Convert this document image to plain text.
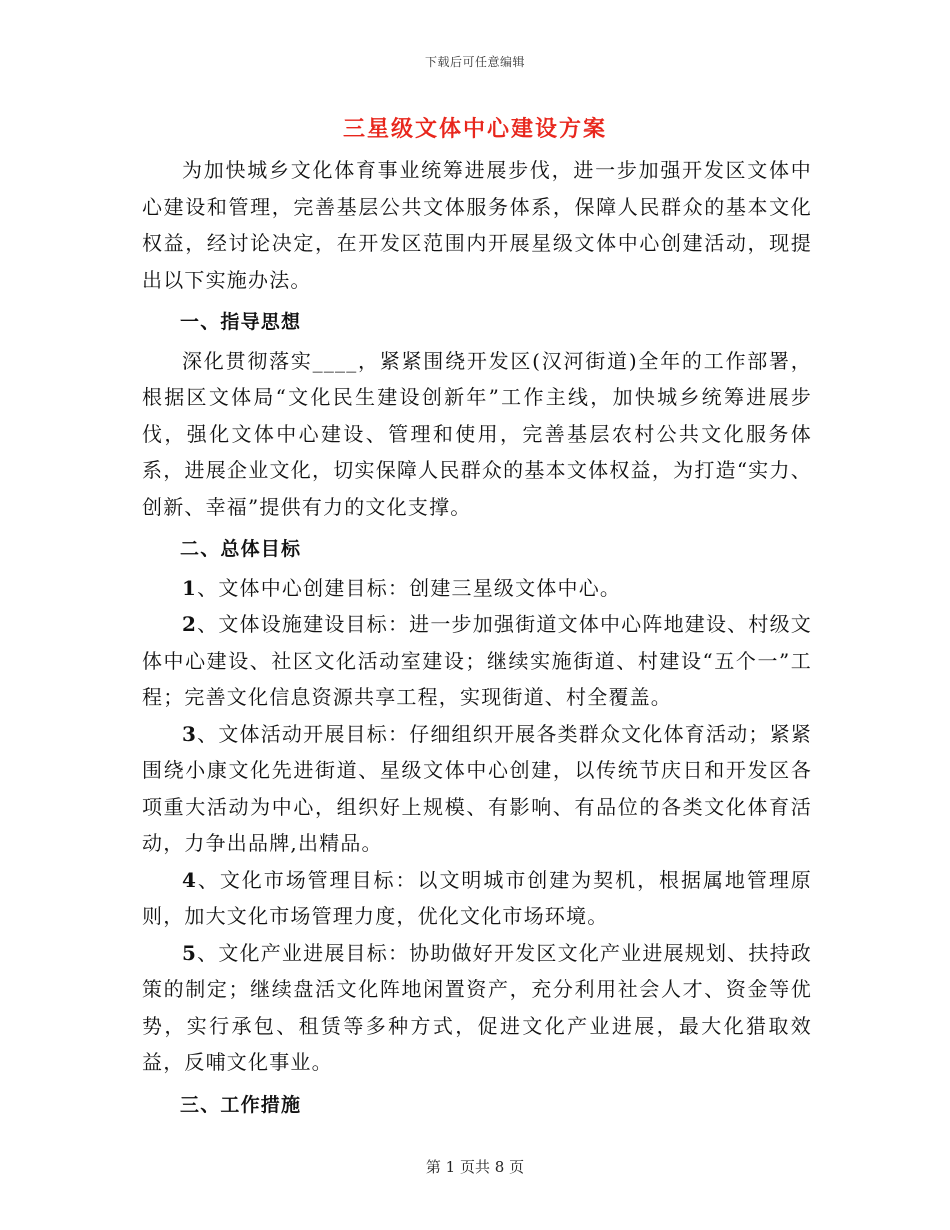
下载后可任意编辑
三星级文体中心建设方案

为加快城乡文化体育事业统筹进展步伐，进一步加强开发区文体中心建设和管理，完善基层公共文体服务体系，保障人民群众的基本文化权益，经讨论决定，在开发区范围内开展星级文体中心创建活动，现提出以下实施办法。

一、指导思想

深化贯彻落实____，紧紧围绕开发区(汉河街道)全年的工作部署，根据区文体局“文化民生建设创新年”工作主线，加快城乡统筹进展步伐，强化文体中心建设、管理和使用，完善基层农村公共文化服务体系，进展企业文化，切实保障人民群众的基本文体权益，为打造“实力、创新、幸福”提供有力的文化支撑。

二、总体目标

1、文体中心创建目标：创建三星级文体中心。

2、文体设施建设目标：进一步加强街道文体中心阵地建设、村级文体中心建设、社区文化活动室建设；继续实施街道、村建设“五个一”工程；完善文化信息资源共享工程，实现街道、村全覆盖。

3、文体活动开展目标：仔细组织开展各类群众文化体育活动；紧紧围绕小康文化先进街道、星级文体中心创建，以传统节庆日和开发区各项重大活动为中心，组织好上规模、有影响、有品位的各类文化体育活动，力争出品牌,出精品。

4、文化市场管理目标：以文明城市创建为契机，根据属地管理原则，加大文化市场管理力度，优化文化市场环境。

5、文化产业进展目标：协助做好开发区文化产业进展规划、扶持政策的制定；继续盘活文化阵地闲置资产，充分利用社会人才、资金等优势，实行承包、租赁等多种方式，促进文化产业进展，最大化猎取效益，反哺文化事业。

三、工作措施

第 1 页共 8 页
